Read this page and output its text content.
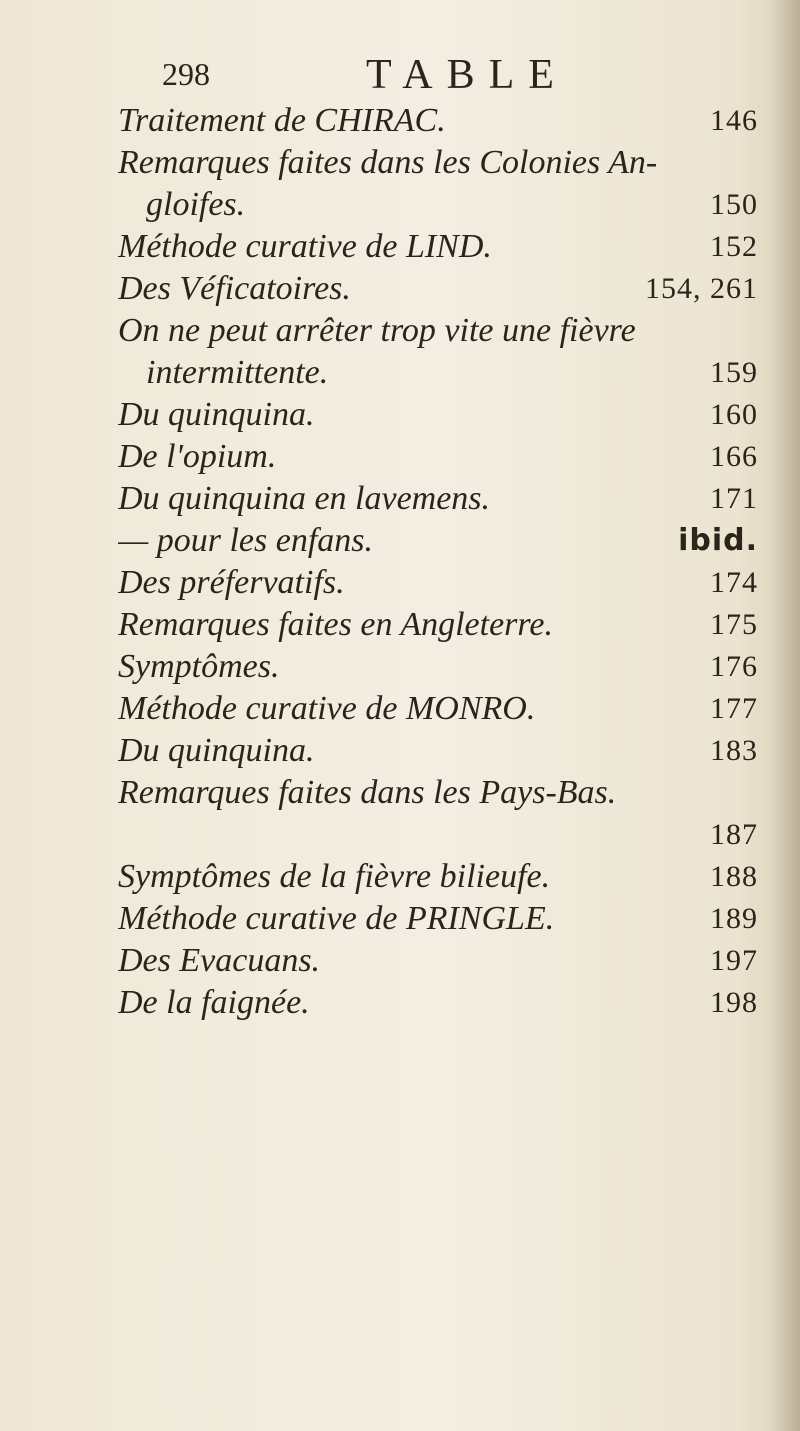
298	TABLE
Traitement de CHIRAC.	146
Remarques faites dans les Colonies An-
gloifes.	150
Méthode curative de LIND.	152
Des Véficatoires.	154, 261
On ne peut arrêter trop vite une fièvre
intermittente.	159
Du quinquina.	160
De l'opium.	166
Du quinquina en lavemens.	171
— pour les enfans.	ibid.
Des préfervatifs.	174
Remarques faites en Angleterre.	175
Symptômes.	176
Méthode curative de MONRO.	177
Du quinquina.	183
Remarques faites dans les Pays-Bas.
187
Symptômes de la fièvre bilieufe.	188
Méthode curative de PRINGLE.	189
Des Evacuans.	197
De la faignée.	198
